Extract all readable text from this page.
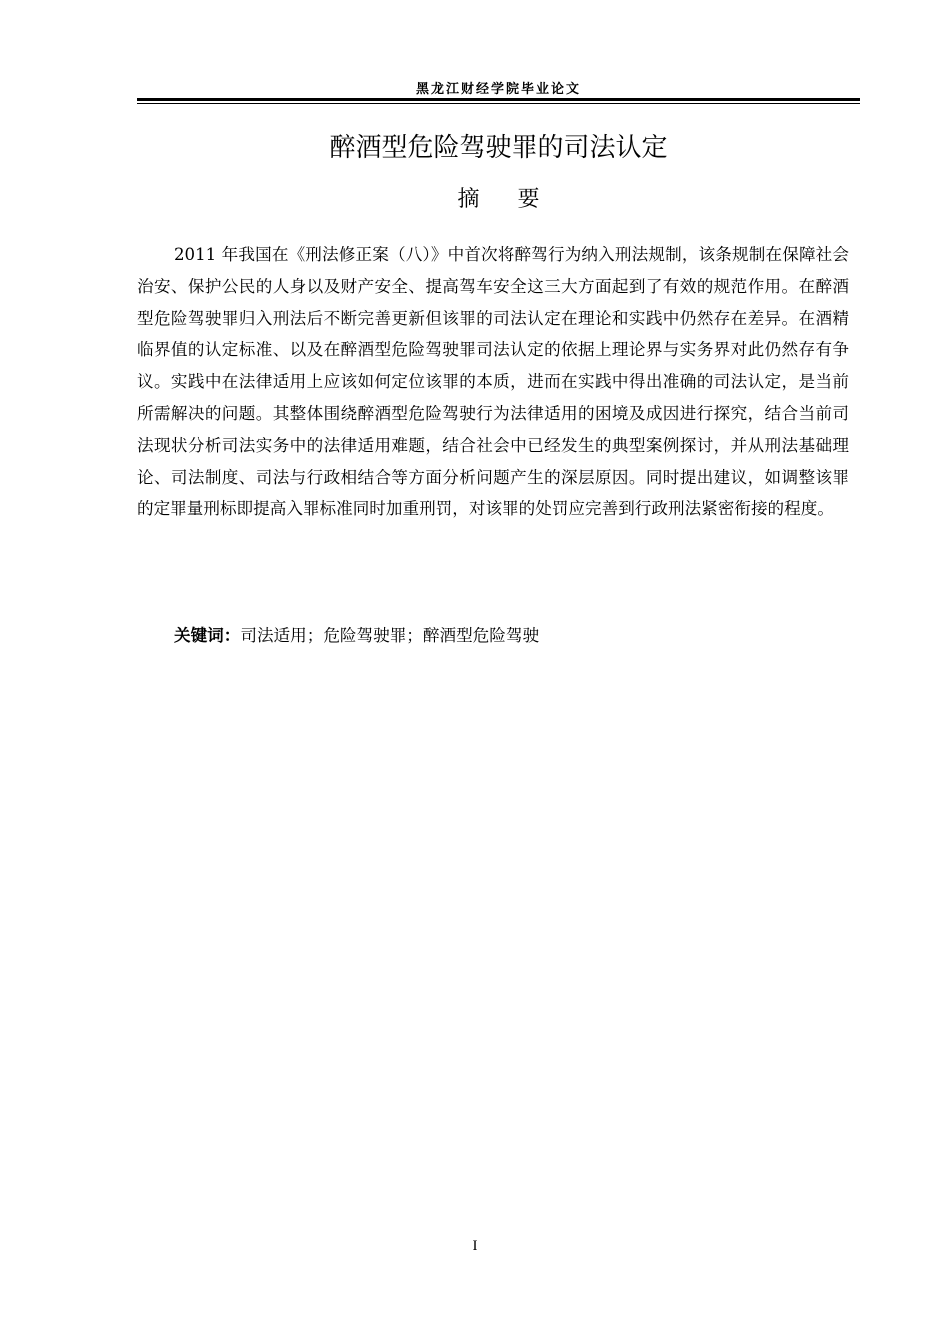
黑龙江财经学院毕业论文
醉酒型危险驾驶罪的司法认定
摘要

2011 年我国在《刑法修正案（八）》中首次将醉驾行为纳入刑法规制，该条规制在保障社会治安、保护公民的人身以及财产安全、提高驾车安全这三大方面起到了有效的规范作用。在醉酒型危险驾驶罪归入刑法后不断完善更新但该罪的司法认定在理论和实践中仍然存在差异。在酒精临界值的认定标准、以及在醉酒型危险驾驶罪司法认定的依据上理论界与实务界对此仍然存有争议。实践中在法律适用上应该如何定位该罪的本质，进而在实践中得出准确的司法认定，是当前所需解决的问题。其整体围绕醉酒型危险驾驶行为法律适用的困境及成因进行探究，结合当前司法现状分析司法实务中的法律适用难题，结合社会中已经发生的典型案例探讨，并从刑法基础理论、司法制度、司法与行政相结合等方面分析问题产生的深层原因。同时提出建议，如调整该罪的定罪量刑标即提高入罪标准同时加重刑罚，对该罪的处罚应完善到行政刑法紧密衔接的程度。

关键词：司法适用；危险驾驶罪；醉酒型危险驾驶
I
